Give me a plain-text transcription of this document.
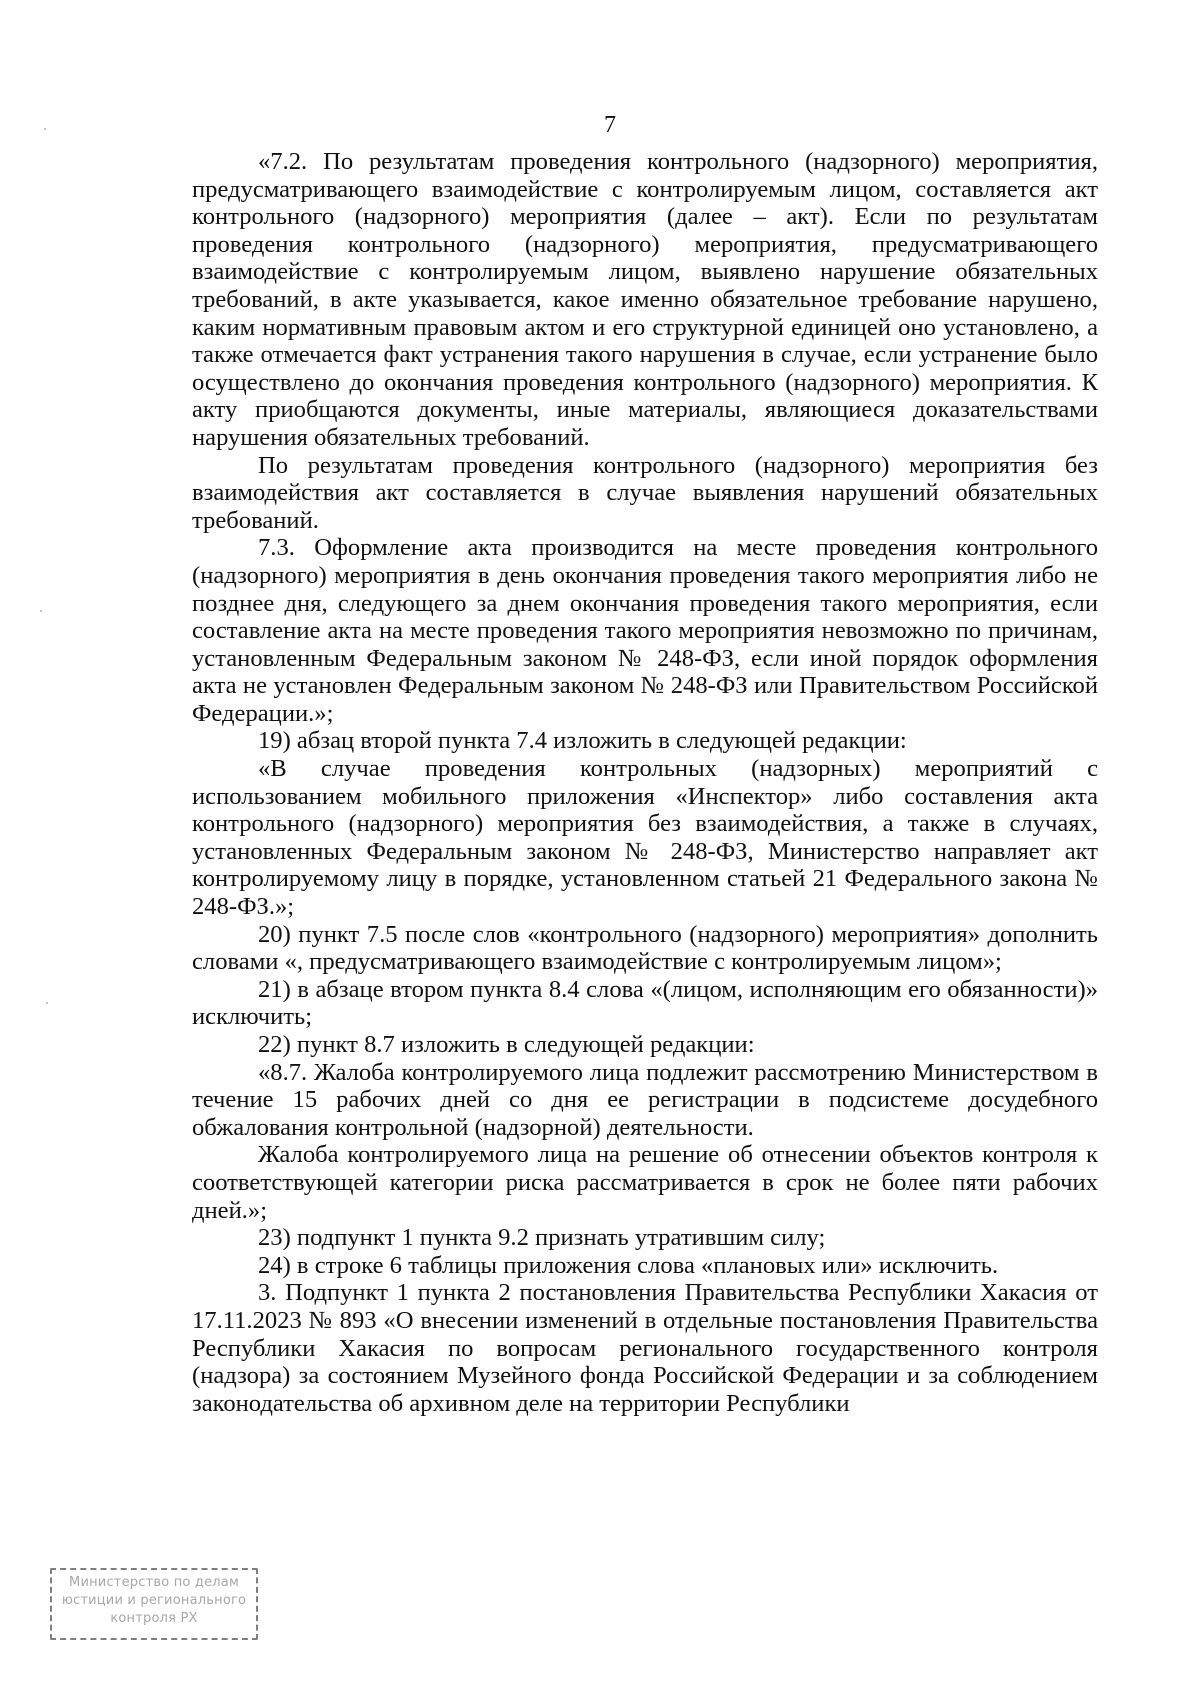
7

«7.2. По результатам проведения контрольного (надзорного) мероприятия, предусматривающего взаимодействие с контролируемым лицом, составляется акт контрольного (надзорного) мероприятия (далее – акт). Если по результатам проведения контрольного (надзорного) мероприятия, предусматривающего взаимодействие с контролируемым лицом, выявлено нарушение обязательных требований, в акте указывается, какое именно обязательное требование нарушено, каким нормативным правовым актом и его структурной единицей оно установлено, а также отмечается факт устранения такого нарушения в случае, если устранение было осуществлено до окончания проведения контрольного (надзорного) мероприятия. К акту приобщаются документы, иные материалы, являющиеся доказательствами нарушения обязательных требований.

По результатам проведения контрольного (надзорного) мероприятия без взаимодействия акт составляется в случае выявления нарушений обязательных требований.

7.3. Оформление акта производится на месте проведения контрольного (надзорного) мероприятия в день окончания проведения такого мероприятия либо не позднее дня, следующего за днем окончания проведения такого мероприятия, если составление акта на месте проведения такого мероприятия невозможно по причинам, установленным Федеральным законом № 248-ФЗ, если иной порядок оформления акта не установлен Федеральным законом № 248-ФЗ или Правительством Российской Федерации.»;

19) абзац второй пункта 7.4 изложить в следующей редакции:

«В случае проведения контрольных (надзорных) мероприятий с использованием мобильного приложения «Инспектор» либо составления акта контрольного (надзорного) мероприятия без взаимодействия, а также в случаях, установленных Федеральным законом № 248-ФЗ, Министерство направляет акт контролируемому лицу в порядке, установленном статьей 21 Федерального закона № 248-ФЗ.»;

20) пункт 7.5 после слов «контрольного (надзорного) мероприятия» дополнить словами «, предусматривающего взаимодействие с контролируемым лицом»;

21) в абзаце втором пункта 8.4 слова «(лицом, исполняющим его обязанности)» исключить;

22) пункт 8.7 изложить в следующей редакции:

«8.7. Жалоба контролируемого лица подлежит рассмотрению Министерством в течение 15 рабочих дней со дня ее регистрации в подсистеме досудебного обжалования контрольной (надзорной) деятельности.

Жалоба контролируемого лица на решение об отнесении объектов контроля к соответствующей категории риска рассматривается в срок не более пяти рабочих дней.»;

23) подпункт 1 пункта 9.2 признать утратившим силу;

24) в строке 6 таблицы приложения слова «плановых или» исключить.

3. Подпункт 1 пункта 2 постановления Правительства Республики Хакасия от 17.11.2023 № 893 «О внесении изменений в отдельные постановления Правительства Республики Хакасия по вопросам регионального государственного контроля (надзора) за состоянием Музейного фонда Российской Федерации и за соблюдением законодательства об архивном деле на территории Республики

Министерство по делам
юстиции и регионального
контроля РХ
